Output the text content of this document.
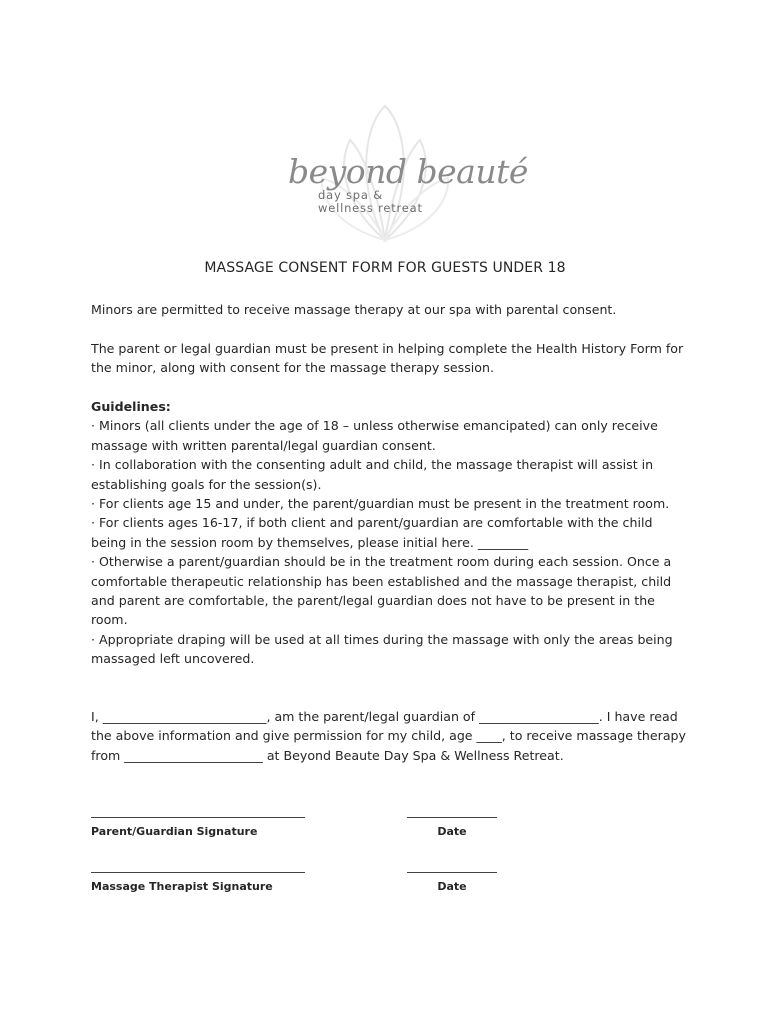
beyond beauté
day spa &
wellness retreat
MASSAGE CONSENT FORM FOR GUESTS UNDER 18
Minors are permitted to receive massage therapy at our spa with parental consent.
The parent or legal guardian must be present in helping complete the Health History Form for the minor, along with consent for the massage therapy session.

Guidelines:

· Minors (all clients under the age of 18 – unless otherwise emancipated) can only receive massage with written parental/legal guardian consent.

· In collaboration with the consenting adult and child, the massage therapist will assist in establishing goals for the session(s).

· For clients age 15 and under, the parent/guardian must be present in the treatment room.

· For clients ages 16-17, if both client and parent/guardian are comfortable with the child being in the session room by themselves, please initial here. ________

· Otherwise a parent/guardian should be in the treatment room during each session. Once a comfortable therapeutic relationship has been established and the massage therapist, child and parent are comfortable, the parent/legal guardian does not have to be present in the room.

· Appropriate draping will be used at all times during the massage with only the areas being massaged left uncovered.

I, __________________________, am the parent/legal guardian of ___________________. I have read the above information and give permission for my child, age ____, to receive massage therapy from ______________________ at Beyond Beaute Day Spa & Wellness Retreat.
Parent/Guardian Signature	Date
Massage Therapist Signature	Date
